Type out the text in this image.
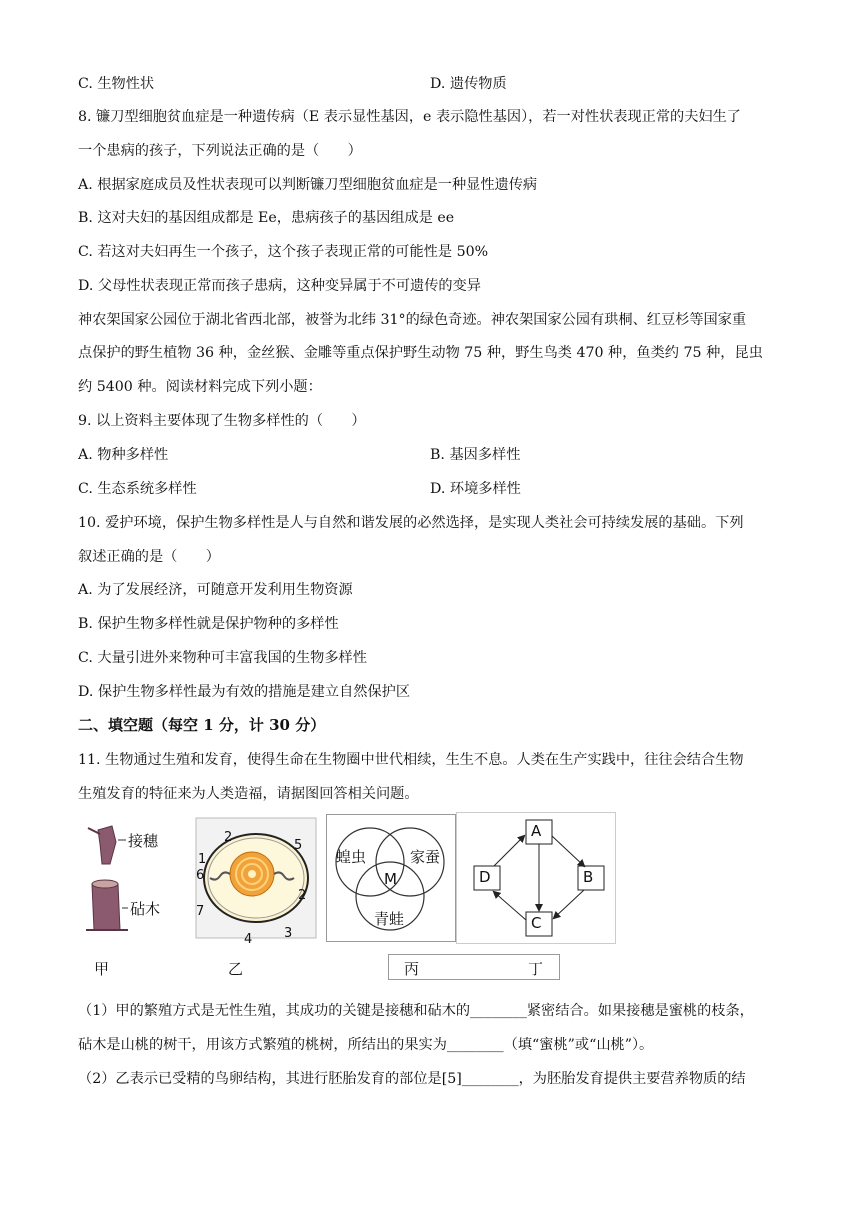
C. 生物性状	D. 遗传物质
8. 镰刀型细胞贫血症是一种遗传病（E 表示显性基因，e 表示隐性基因），若一对性状表现正常的夫妇生了
一个患病的孩子，下列说法正确的是（　　）
A. 根据家庭成员及性状表现可以判断镰刀型细胞贫血症是一种显性遗传病
B. 这对夫妇的基因组成都是 Ee，患病孩子的基因组成是 ee
C. 若这对夫妇再生一个孩子，这个孩子表现正常的可能性是 50%
D. 父母性状表现正常而孩子患病，这种变异属于不可遗传的变异
神农架国家公园位于湖北省西北部，被誉为北纬 31°的绿色奇迹。神农架国家公园有珙桐、红豆杉等国家重
点保护的野生植物 36 种，金丝猴、金雕等重点保护野生动物 75 种，野生鸟类 470 种，鱼类约 75 种，昆虫
约 5400 种。阅读材料完成下列小题：
9. 以上资料主要体现了生物多样性的（　　）
A. 物种多样性	B. 基因多样性
C. 生态系统多样性	D. 环境多样性
10. 爱护环境，保护生物多样性是人与自然和谐发展的必然选择，是实现人类社会可持续发展的基础。下列
叙述正确的是（　　）
A. 为了发展经济，可随意开发利用生物资源
B. 保护生物多样性就是保护物种的多样性
C. 大量引进外来物种可丰富我国的生物多样性
D. 保护生物多样性最为有效的措施是建立自然保护区
二、填空题（每空 1 分，计 30 分）
11. 生物通过生殖和发育，使得生命在生物圈中世代相续，生生不息。人类在生产实践中，往往会结合生物
生殖发育的特征来为人类造福，请据图回答相关问题。
接穗
砧木
2
5
1
6
7
2
3
4
蝗虫	家蚕
M
青蛙
A
B
C
D
甲	乙	丙	丁
（1）甲的繁殖方式是无性生殖，其成功的关键是接穗和砧木的________紧密结合。如果接穗是蜜桃的枝条，
砧木是山桃的树干，用该方式繁殖的桃树，所结出的果实为________（填“蜜桃”或“山桃”）。
（2）乙表示已受精的鸟卵结构，其进行胚胎发育的部位是[5]________，为胚胎发育提供主要营养物质的结
